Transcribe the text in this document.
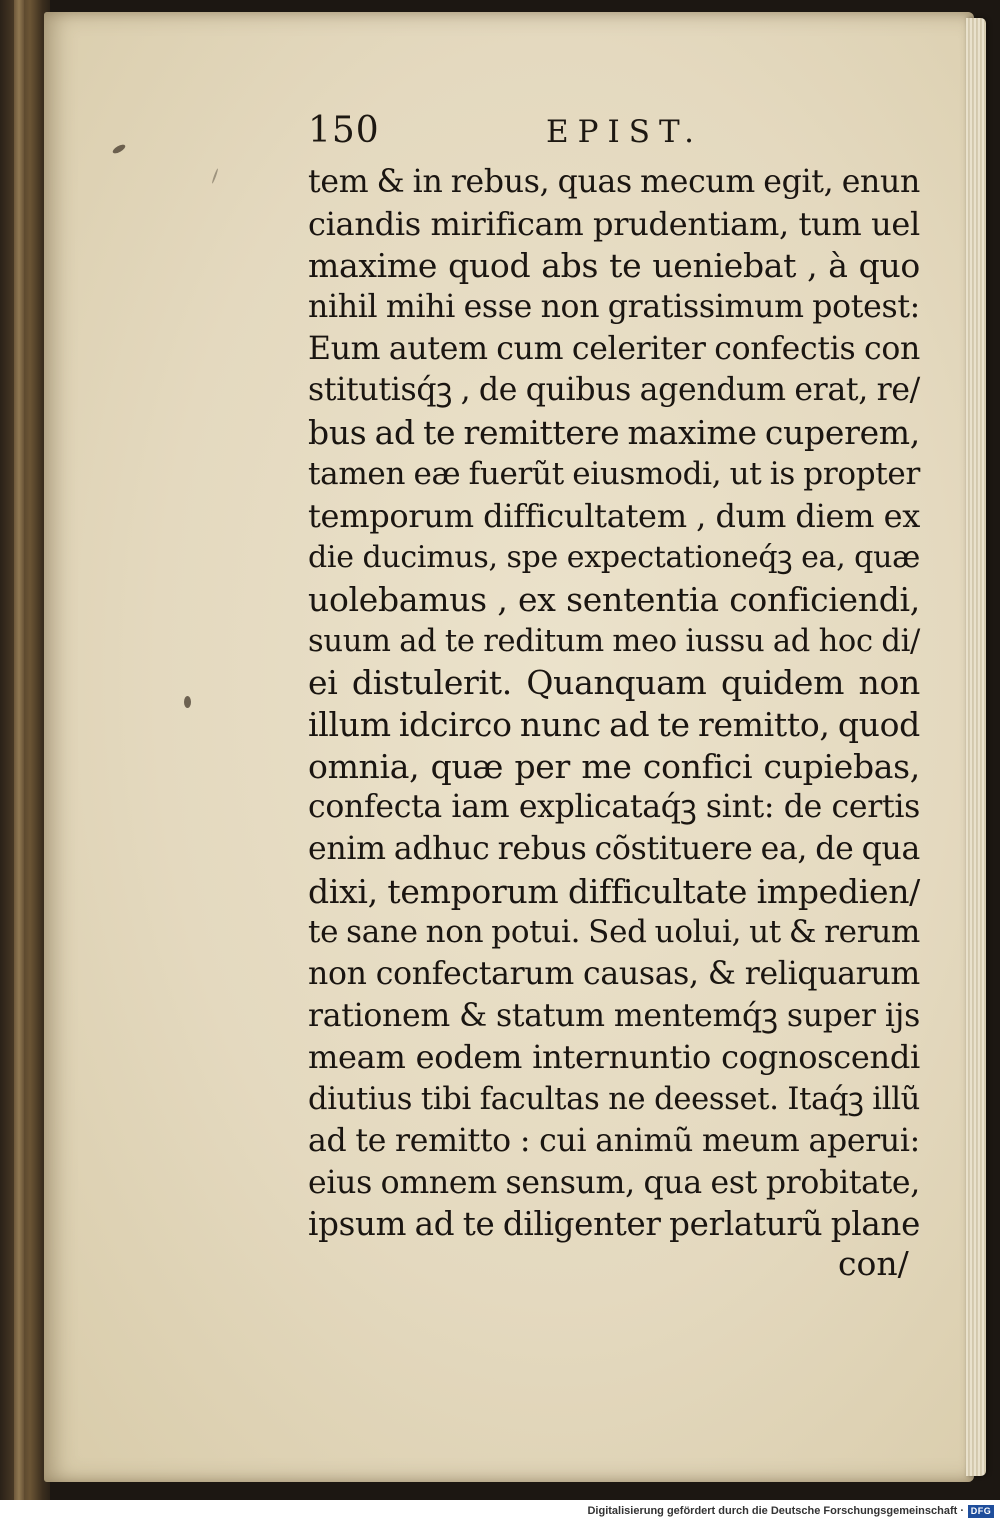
150	EPIST.
tem & in rebus, quas mecum egit, enun
ciandis mirificam prudentiam, tum uel
maxime quod abs te ueniebat , à quo
nihil mihi esse non gratissimum potest:
Eum autem cum celeriter confectis con
stitutisq́ꝫ , de quibus agendum erat, re/
bus ad te remittere maxime cuperem,
tamen eæ fuerũt eiusmodi, ut is propter
temporum difficultatem , dum diem ex
die ducimus, spe expectationeq́ꝫ ea, quæ
uolebamus , ex sententia conficiendi,
suum ad te reditum meo iussu ad hoc di/
ei distulerit. Quanquam quidem non
illum idcirco nunc ad te remitto, quod
omnia, quæ per me confici cupiebas,
confecta iam explicataq́ꝫ sint: de certis
enim adhuc rebus cõstituere ea, de qua
dixi, temporum difficultate impedien/
te sane non potui. Sed uolui, ut & rerum
non confectarum causas, & reliquarum
rationem & statum mentemq́ꝫ super ijs
meam eodem internuntio cognoscendi
diutius tibi facultas ne deesset. Itaq́ꝫ illũ
ad te remitto : cui animũ meum aperui:
eius omnem sensum, qua est probitate,
ipsum ad te diligenter perlaturũ plane
con/
Digitalisierung gefördert durch die Deutsche Forschungsgemeinschaft · DFG
